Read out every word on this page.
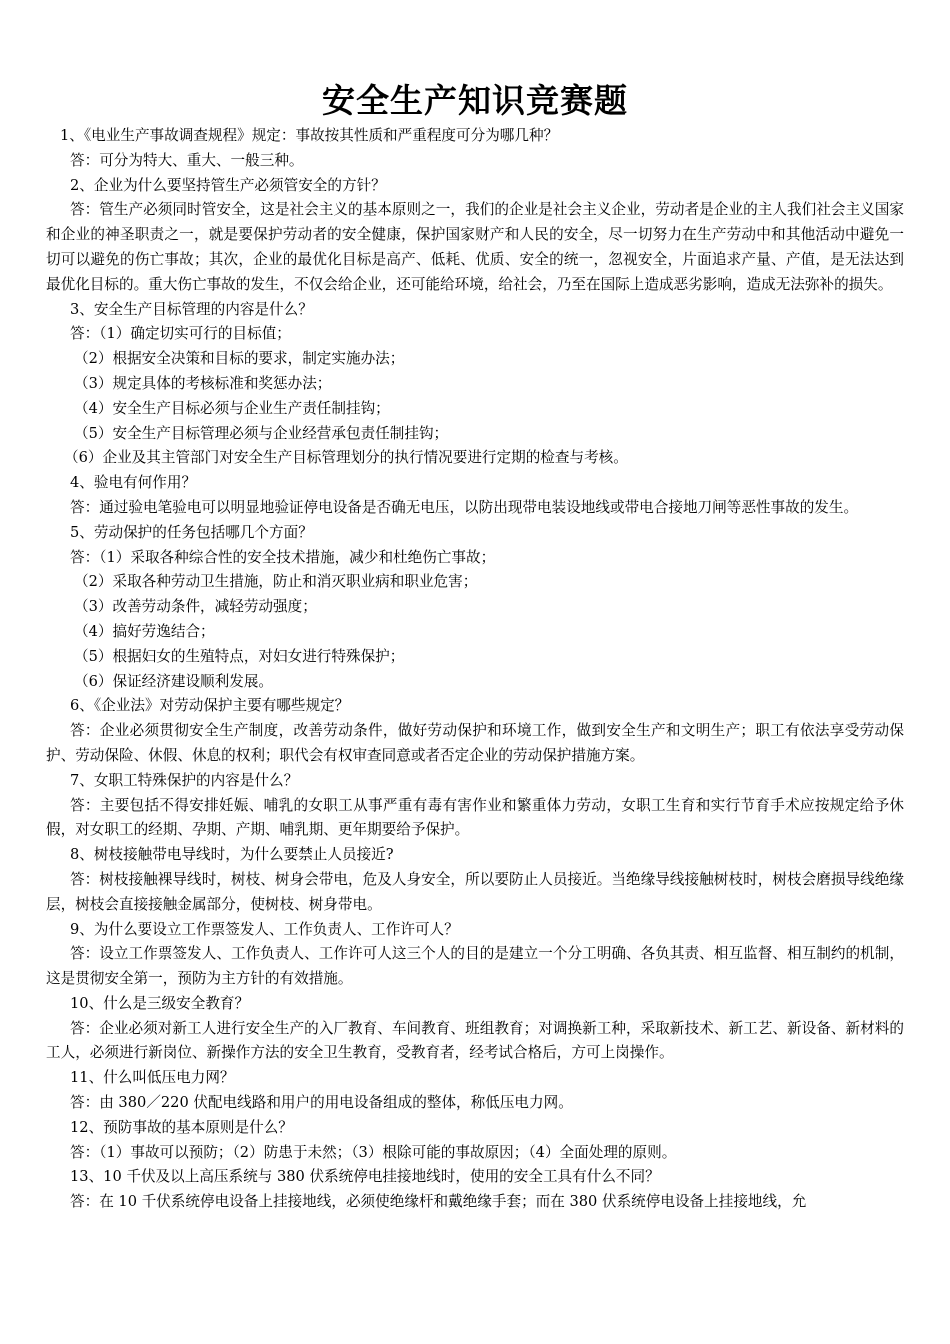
安全生产知识竞赛题

1、《电业生产事故调查规程》规定：事故按其性质和严重程度可分为哪几种？

答：可分为特大、重大、一般三种。

2、企业为什么要坚持管生产必须管安全的方针？

答：管生产必须同时管安全，这是社会主义的基本原则之一，我们的企业是社会主义企业，劳动者是企业的主人我们社会主义国家和企业的神圣职责之一，就是要保护劳动者的安全健康，保护国家财产和人民的安全，尽一切努力在生产劳动中和其他活动中避免一切可以避免的伤亡事故；其次，企业的最优化目标是高产、低耗、优质、安全的统一，忽视安全，片面追求产量、产值，是无法达到最优化目标的。重大伤亡事故的发生，不仅会给企业，还可能给环境，给社会，乃至在国际上造成恶劣影响，造成无法弥补的损失。

3、安全生产目标管理的内容是什么？

答：（1）确定切实可行的目标值；

（2）根据安全决策和目标的要求，制定实施办法；

（3）规定具体的考核标准和奖惩办法；

（4）安全生产目标必须与企业生产责任制挂钩；

（5）安全生产目标管理必须与企业经营承包责任制挂钩；

（6）企业及其主管部门对安全生产目标管理划分的执行情况要进行定期的检查与考核。

4、验电有何作用？

答：通过验电笔验电可以明显地验证停电设备是否确无电压，以防出现带电装设地线或带电合接地刀闸等恶性事故的发生。

5、劳动保护的任务包括哪几个方面？

答：（1）采取各种综合性的安全技术措施，减少和杜绝伤亡事故；

（2）采取各种劳动卫生措施，防止和消灭职业病和职业危害；

（3）改善劳动条件，减轻劳动强度；

（4）搞好劳逸结合；

（5）根据妇女的生殖特点，对妇女进行特殊保护；

（6）保证经济建设顺利发展。

6、《企业法》对劳动保护主要有哪些规定？

答：企业必须贯彻安全生产制度，改善劳动条件，做好劳动保护和环境工作，做到安全生产和文明生产；职工有依法享受劳动保护、劳动保险、休假、休息的权利；职代会有权审查同意或者否定企业的劳动保护措施方案。

7、女职工特殊保护的内容是什么？

答：主要包括不得安排妊娠、哺乳的女职工从事严重有毒有害作业和繁重体力劳动，女职工生育和实行节育手术应按规定给予休假，对女职工的经期、孕期、产期、哺乳期、更年期要给予保护。

8、树枝接触带电导线时，为什么要禁止人员接近?

答：树枝接触裸导线时，树枝、树身会带电，危及人身安全，所以要防止人员接近。当绝缘导线接触树枝时，树枝会磨损导线绝缘层，树枝会直接接触金属部分，使树枝、树身带电。

9、为什么要设立工作票签发人、工作负责人、工作许可人？

答：设立工作票签发人、工作负责人、工作许可人这三个人的目的是建立一个分工明确、各负其责、相互监督、相互制约的机制，这是贯彻安全第一，预防为主方针的有效措施。

10、什么是三级安全教育？

答：企业必须对新工人进行安全生产的入厂教育、车间教育、班组教育；对调换新工种，采取新技术、新工艺、新设备、新材料的工人，必须进行新岗位、新操作方法的安全卫生教育，受教育者，经考试合格后，方可上岗操作。

11、什么叫低压电力网？

答：由 380／220 伏配电线路和用户的用电设备组成的整体，称低压电力网。

12、预防事故的基本原则是什么？

答：（1）事故可以预防；（2）防患于未然；（3）根除可能的事故原因；（4）全面处理的原则。

13、10 千伏及以上高压系统与 380 伏系统停电挂接地线时，使用的安全工具有什么不同？

答：在 10 千伏系统停电设备上挂接地线，必须使绝缘杆和戴绝缘手套；而在 380 伏系统停电设备上挂接地线，允
